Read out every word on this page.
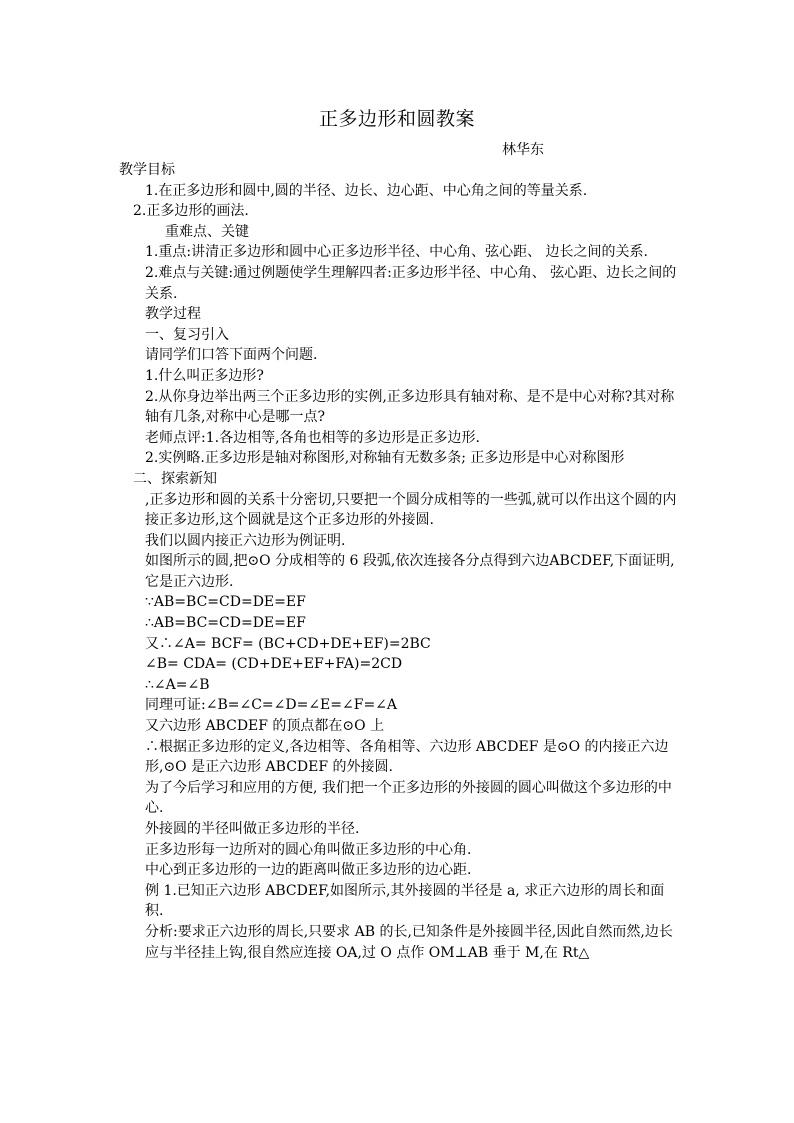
正多边形和圆教案
林华东

教学目标

1.在正多边形和圆中,圆的半径、边长、边心距、中心角之间的等量关系.

2.正多边形的画法.

重难点、关键

1.重点:讲清正多边形和圆中心正多边形半径、中心角、弦心距、 边长之间的关系.

2.难点与关键:通过例题使学生理解四者:正多边形半径、中心角、 弦心距、边长之间的关系.

教学过程

一、复习引入

请同学们口答下面两个问题.

1.什么叫正多边形?

2.从你身边举出两三个正多边形的实例,正多边形具有轴对称、是不是中心对称?其对称轴有几条,对称中心是哪一点?

老师点评:1.各边相等,各角也相等的多边形是正多边形.

2.实例略.正多边形是轴对称图形,对称轴有无数多条; 正多边形是中心对称图形

二、探索新知

,正多边形和圆的关系十分密切,只要把一个圆分成相等的一些弧,就可以作出这个圆的内接正多边形,这个圆就是这个正多边形的外接圆.

我们以圆内接正六边形为例证明.

如图所示的圆,把⊙O 分成相等的 6 段弧,依次连接各分点得到六边ABCDEF,下面证明,它是正六边形.

∵AB=BC=CD=DE=EF

∴AB=BC=CD=DE=EF

又∴∠A= BCF= (BC+CD+DE+EF)=2BC

∠B= CDA= (CD+DE+EF+FA)=2CD

∴∠A=∠B

同理可证:∠B=∠C=∠D=∠E=∠F=∠A

又六边形 ABCDEF 的顶点都在⊙O 上

∴根据正多边形的定义,各边相等、各角相等、六边形 ABCDEF 是⊙O 的内接正六边形,⊙O 是正六边形 ABCDEF 的外接圆.

为了今后学习和应用的方便, 我们把一个正多边形的外接圆的圆心叫做这个多边形的中心.

外接圆的半径叫做正多边形的半径.

正多边形每一边所对的圆心角叫做正多边形的中心角.

中心到正多边形的一边的距离叫做正多边形的边心距.

例 1.已知正六边形 ABCDEF,如图所示,其外接圆的半径是 a, 求正六边形的周长和面积.

分析:要求正六边形的周长,只要求 AB 的长,已知条件是外接圆半径,因此自然而然,边长应与半径挂上钩,很自然应连接 OA,过 O 点作 OM⊥AB 垂于 M,在 Rt△
